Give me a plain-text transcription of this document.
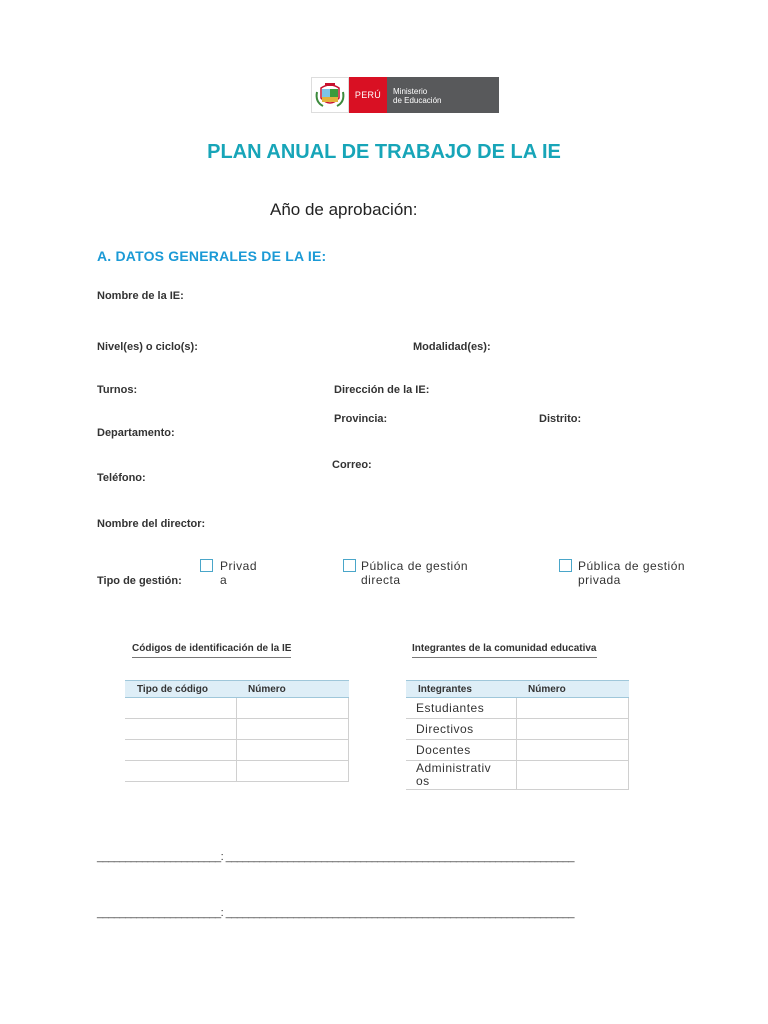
PERÚ	Ministerio
de Educación
PLAN ANUAL DE TRABAJO DE LA IE
Año de aprobación:
A. DATOS GENERALES DE LA IE:
Nombre de la IE:
Nivel(es) o ciclo(s):	Modalidad(es):
Turnos:	Dirección de la IE:
Provincia:	Distrito:
Departamento:
Correo:
Teléfono:
Nombre del director:
Tipo de gestión:
Privad
a
Pública de gestión
directa
Pública de gestión
privada
Códigos de identificación de la IE
Tipo de código	Número

Integrantes de la comunidad educativa
Integrantes	Número
Estudiantes	
Directivos	
Docentes	

Administrativ
os	

______________________: ______________________________________________________________
______________________: ______________________________________________________________
